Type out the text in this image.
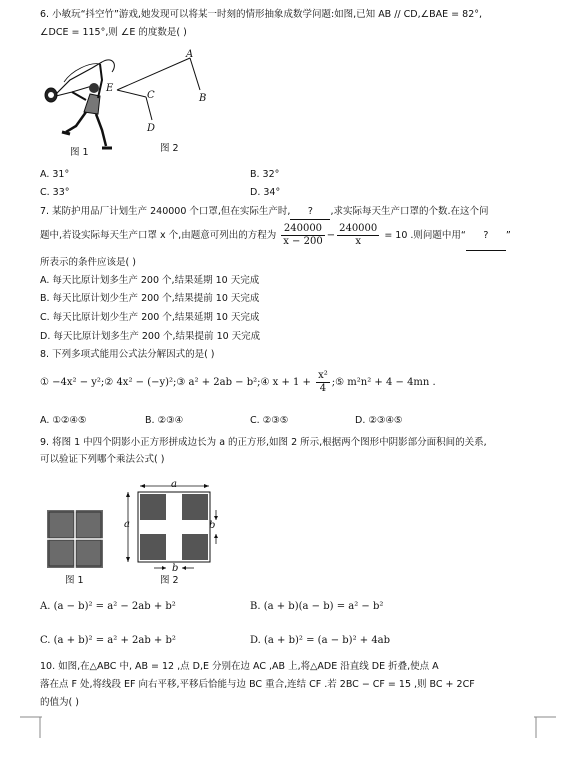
6. 小敏玩“抖空竹”游戏,她发现可以将某一时刻的情形抽象成数学问题:如图,已知 AB // CD,∠BAE = 82°,
∠DCE = 115°,则 ∠E 的度数是( )
图 1
E
A
B
C
D
图 2
A. 31°	B. 32°
C. 33°	D. 34°
7. 某防护用品厂计划生产 240000 个口罩,但在实际生产时, ? ,求实际每天生产口罩的个数.在这个问
题中,若设实际每天生产口罩 x 个,由题意可列出的方程为 $\frac{240000}{x - 200} - \frac{240000}{x} = 10$ .则问题中用“ ? ”
所表示的条件应该是( )
A. 每天比原计划多生产 200 个,结果延期 10 天完成
B. 每天比原计划少生产 200 个,结果提前 10 天完成
C. 每天比原计划少生产 200 个,结果延期 10 天完成
D. 每天比原计划多生产 200 个,结果提前 10 天完成
8. 下列多项式能用公式法分解因式的是( )
① −4x² − y²;② 4x² − (−y)²;③ a² + 2ab − b²;④ $x + 1 + \frac{\text{x²}}{4}$ ;⑤ m²n² + 4 − 4mn .
A. ①②④⑤	B. ②③④	C. ②③⑤	D. ②③④⑤
9. 将图 1 中四个阴影小正方形拼成边长为 a 的正方形,如图 2 所示,根据两个图形中阴影部分面积间的关系,
可以验证下列哪个乘法公式( )
图 1
a
a	b
b
图 2
A. (a − b)² = a² − 2ab + b²	B. (a + b)(a − b) = a² − b²
C. (a + b)² = a² + 2ab + b²	D. (a + b)² = (a − b)² + 4ab
10. 如图,在△ABC 中, AB = 12 ,点 D,E 分别在边 AC ,AB 上,将△ADE 沿直线 DE 折叠,使点 A
落在点 F 处,将线段 EF 向右平移,平移后恰能与边 BC 重合,连结 CF .若 2BC − CF = 15 ,则 BC + 2CF
的值为( )
